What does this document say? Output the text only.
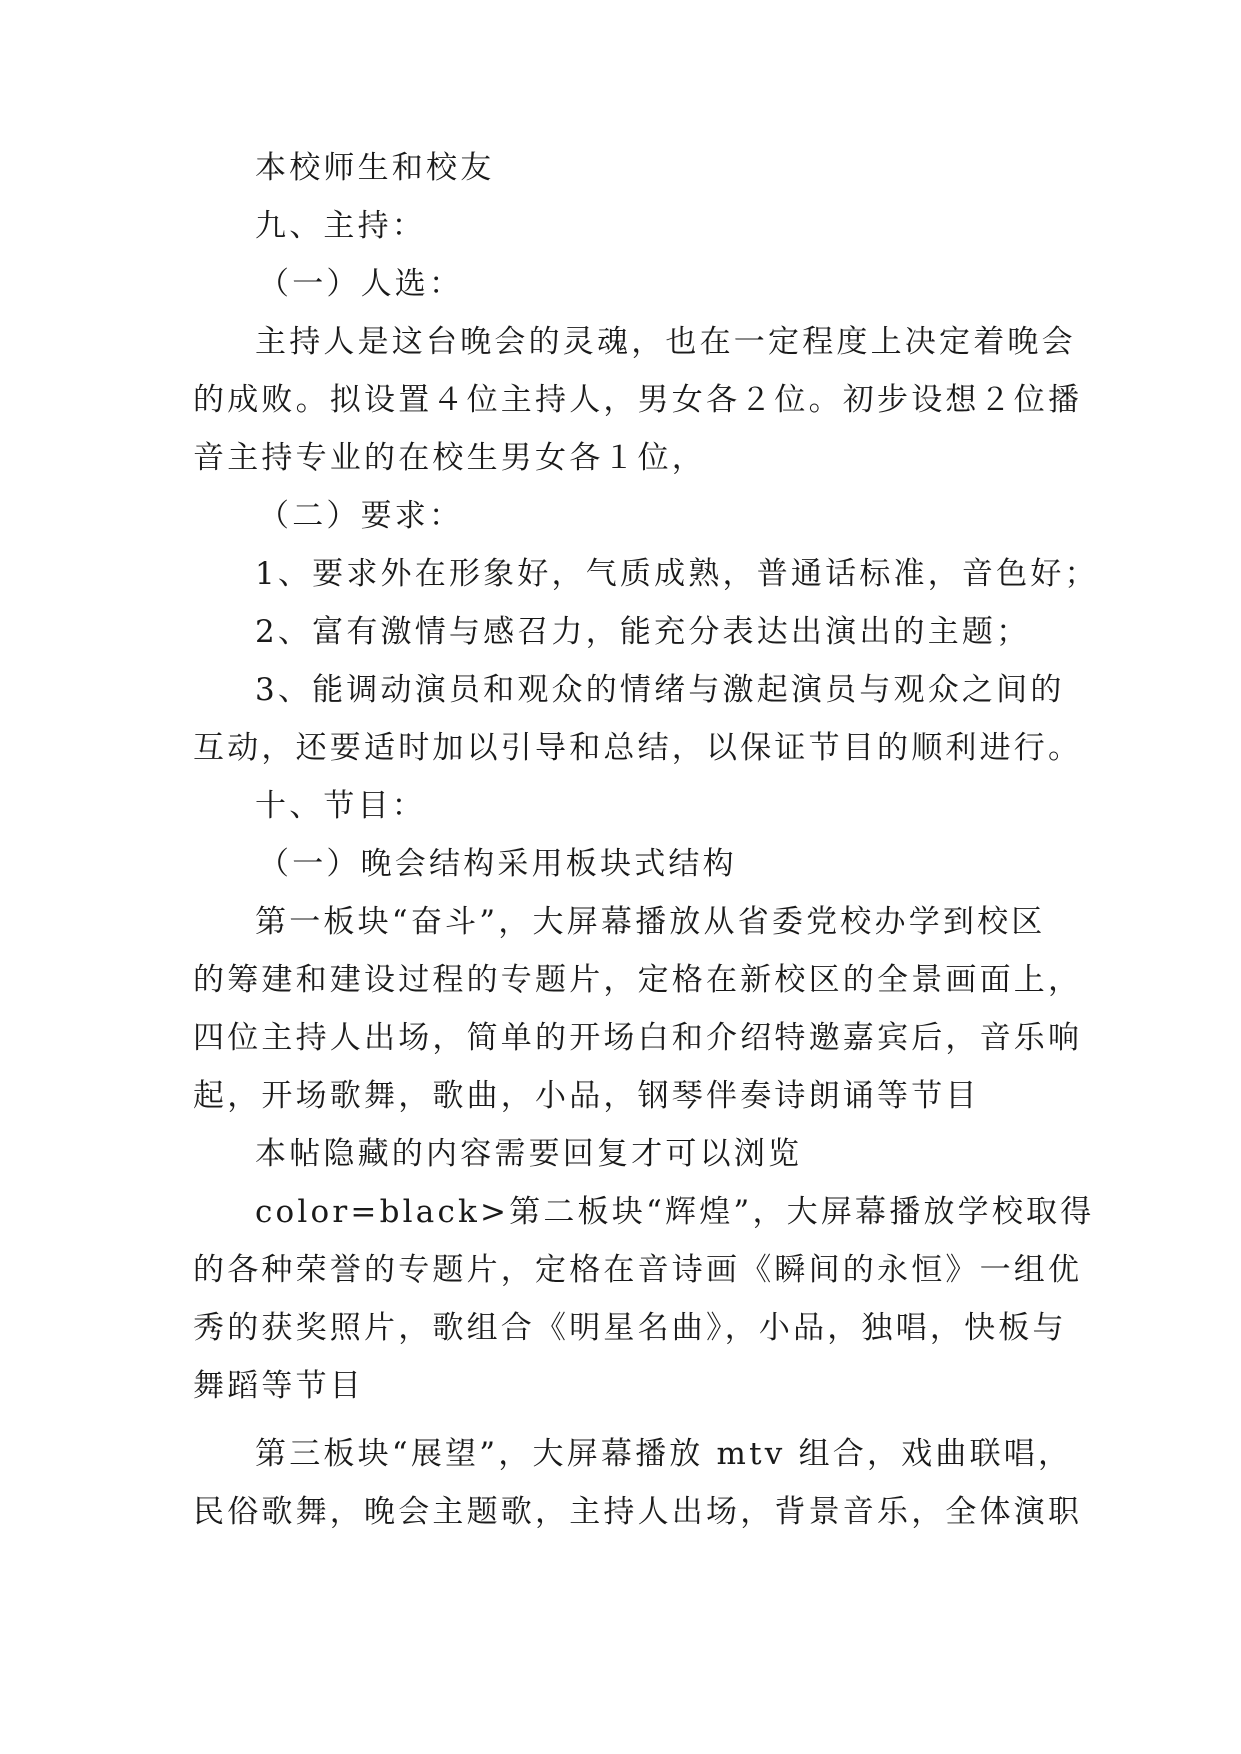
本校师生和校友
九、主持：
（一）人选：
主持人是这台晚会的灵魂，也在一定程度上决定着晚会
的成败。拟设置４位主持人，男女各２位。初步设想２位播
音主持专业的在校生男女各１位，
（二）要求：
1、要求外在形象好，气质成熟，普通话标准，音色好；
2、富有激情与感召力，能充分表达出演出的主题；
3、能调动演员和观众的情绪与激起演员与观众之间的
互动，还要适时加以引导和总结，以保证节目的顺利进行。
十、节目：
（一）晚会结构采用板块式结构
第一板块“奋斗”，大屏幕播放从省委党校办学到校区
的筹建和建设过程的专题片，定格在新校区的全景画面上，
四位主持人出场，简单的开场白和介绍特邀嘉宾后，音乐响
起，开场歌舞，歌曲，小品，钢琴伴奏诗朗诵等节目
本帖隐藏的内容需要回复才可以浏览
color=black>第二板块“辉煌”，大屏幕播放学校取得
的各种荣誉的专题片，定格在音诗画《瞬间的永恒》一组优
秀的获奖照片，歌组合《明星名曲》，小品，独唱，快板与
舞蹈等节目
第三板块“展望”，大屏幕播放 mtv 组合，戏曲联唱，
民俗歌舞，晚会主题歌，主持人出场，背景音乐，全体演职
